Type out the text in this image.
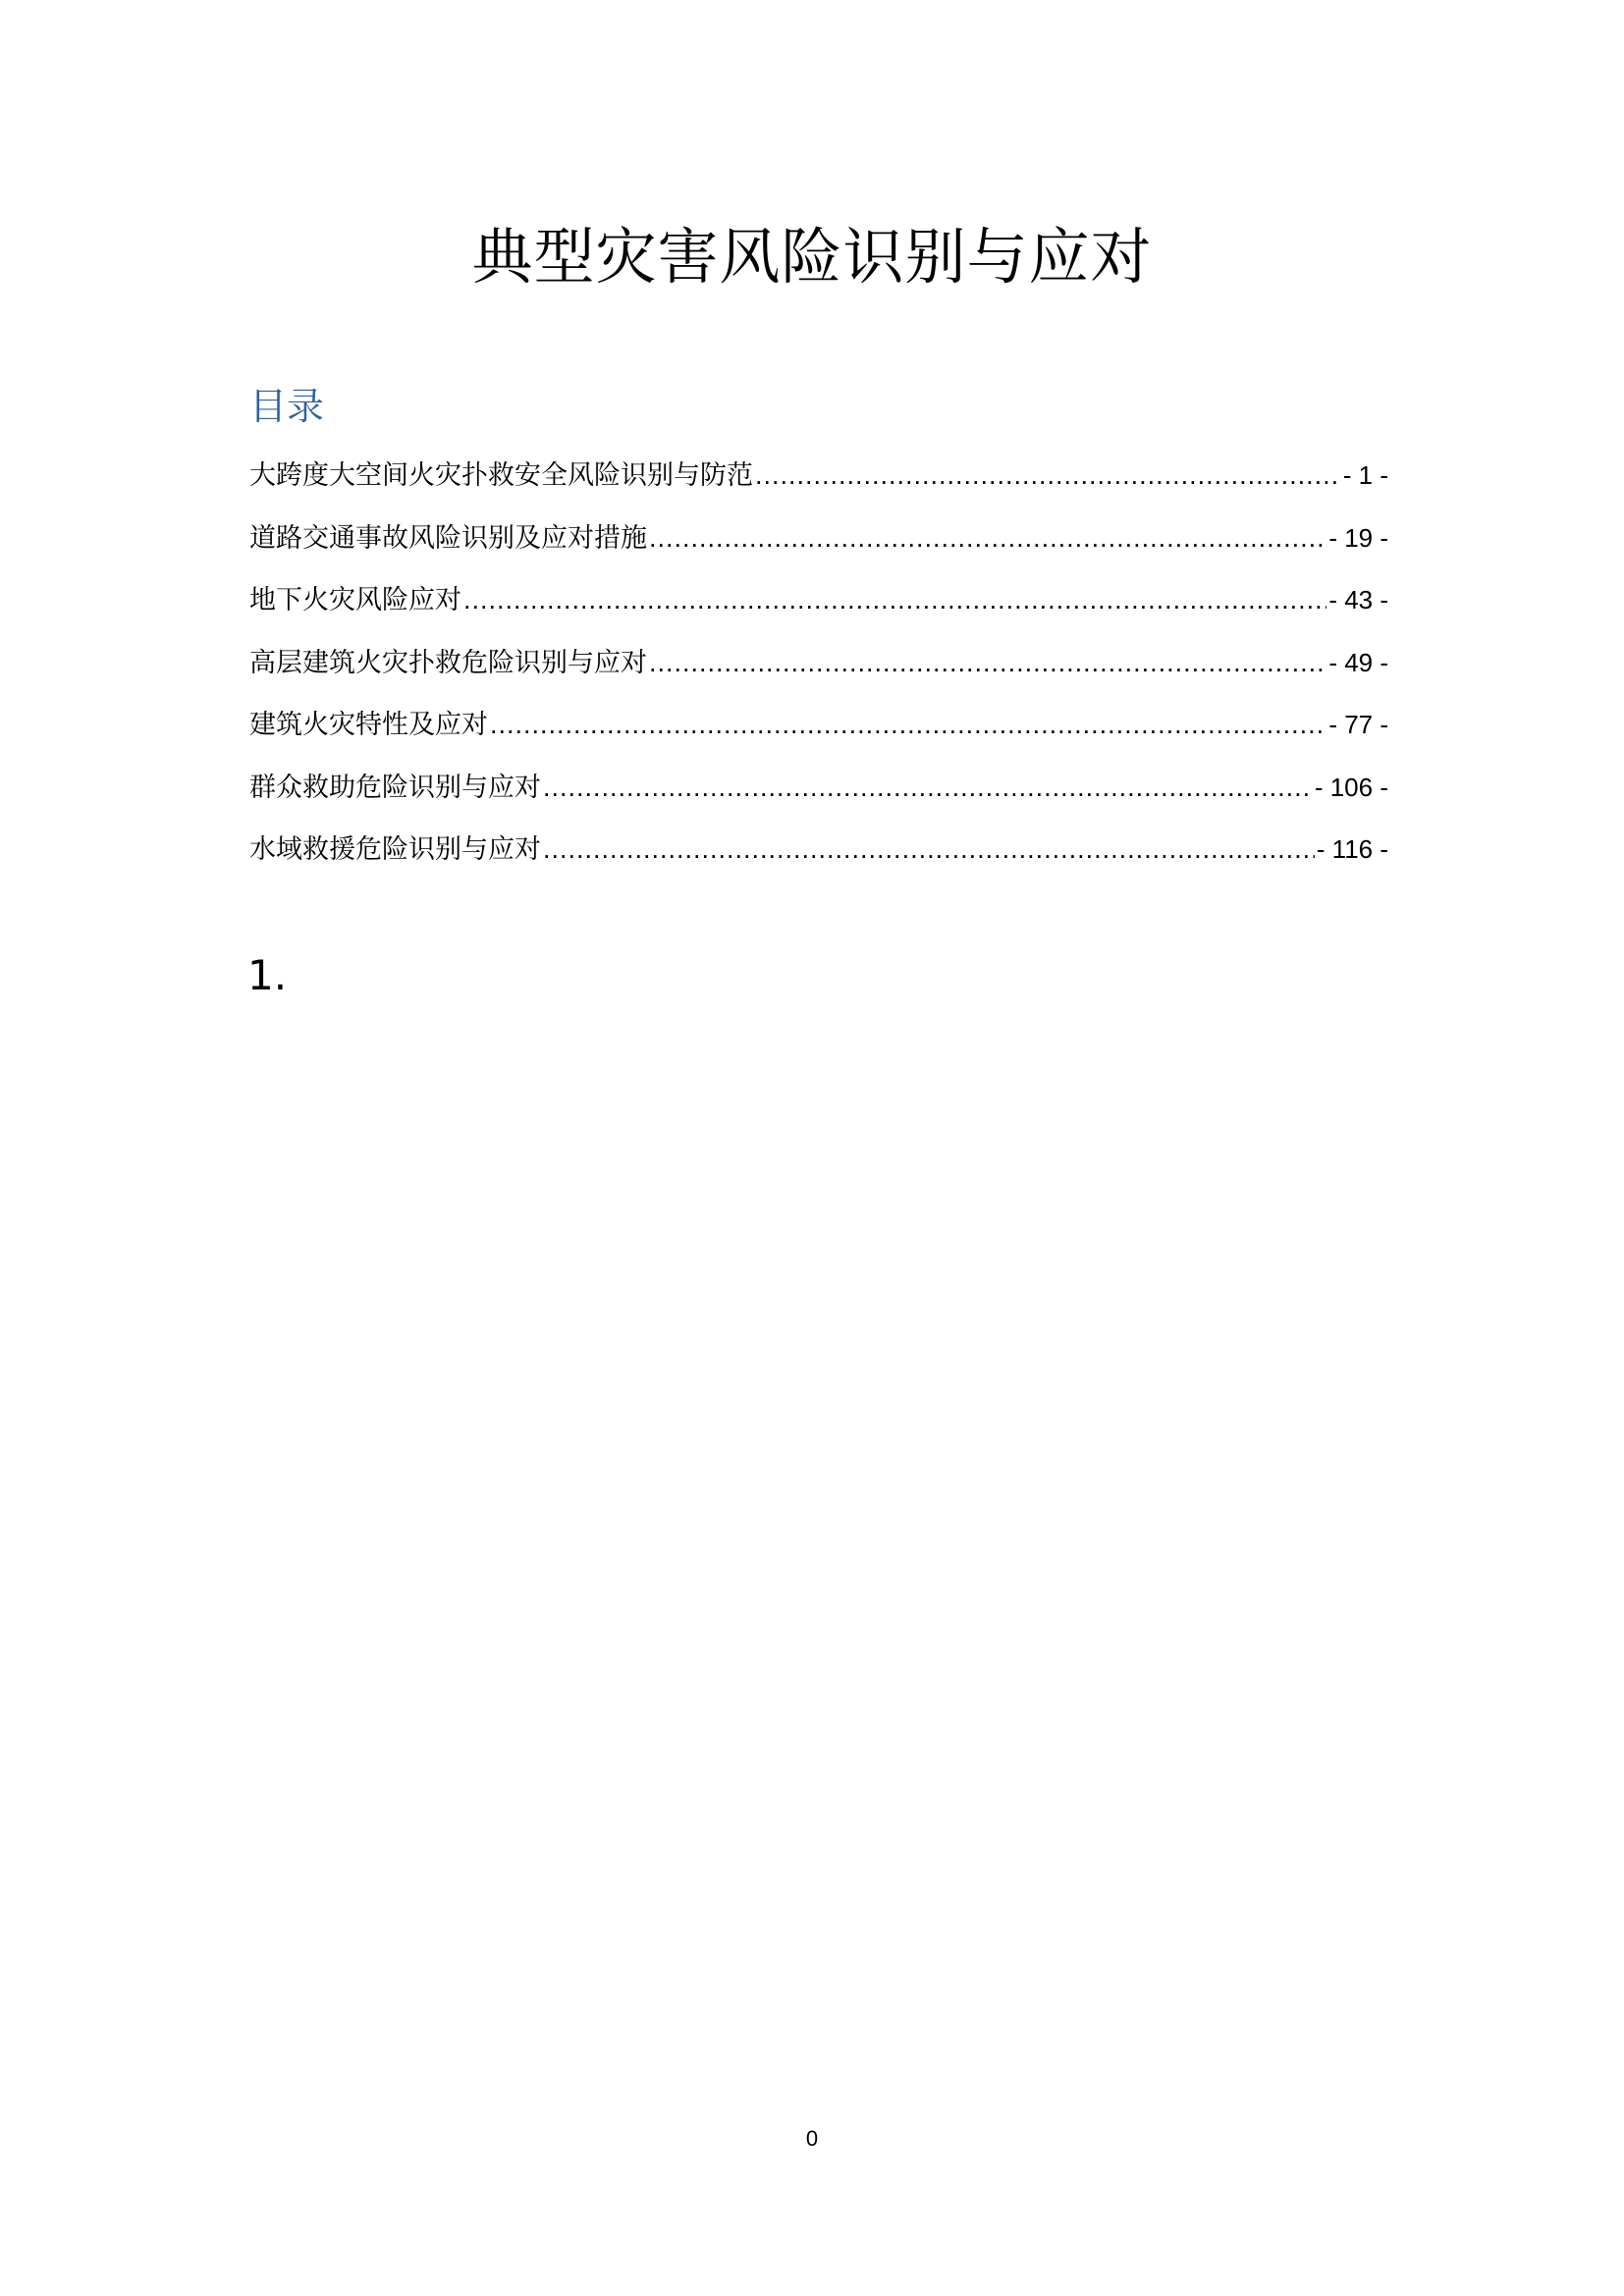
典型灾害风险识别与应对
目录
大跨度大空间火灾扑救安全风险识别与防范 .....	- 1 -
道路交通事故风险识别及应对措施 .....	- 19 -
地下火灾风险应对 .....	- 43 -
高层建筑火灾扑救危险识别与应对 .....	- 49 -
建筑火灾特性及应对 .....	- 77 -
群众救助危险识别与应对 .....	- 106 -
水域救援危险识别与应对 .....	- 116 -
1.
0
